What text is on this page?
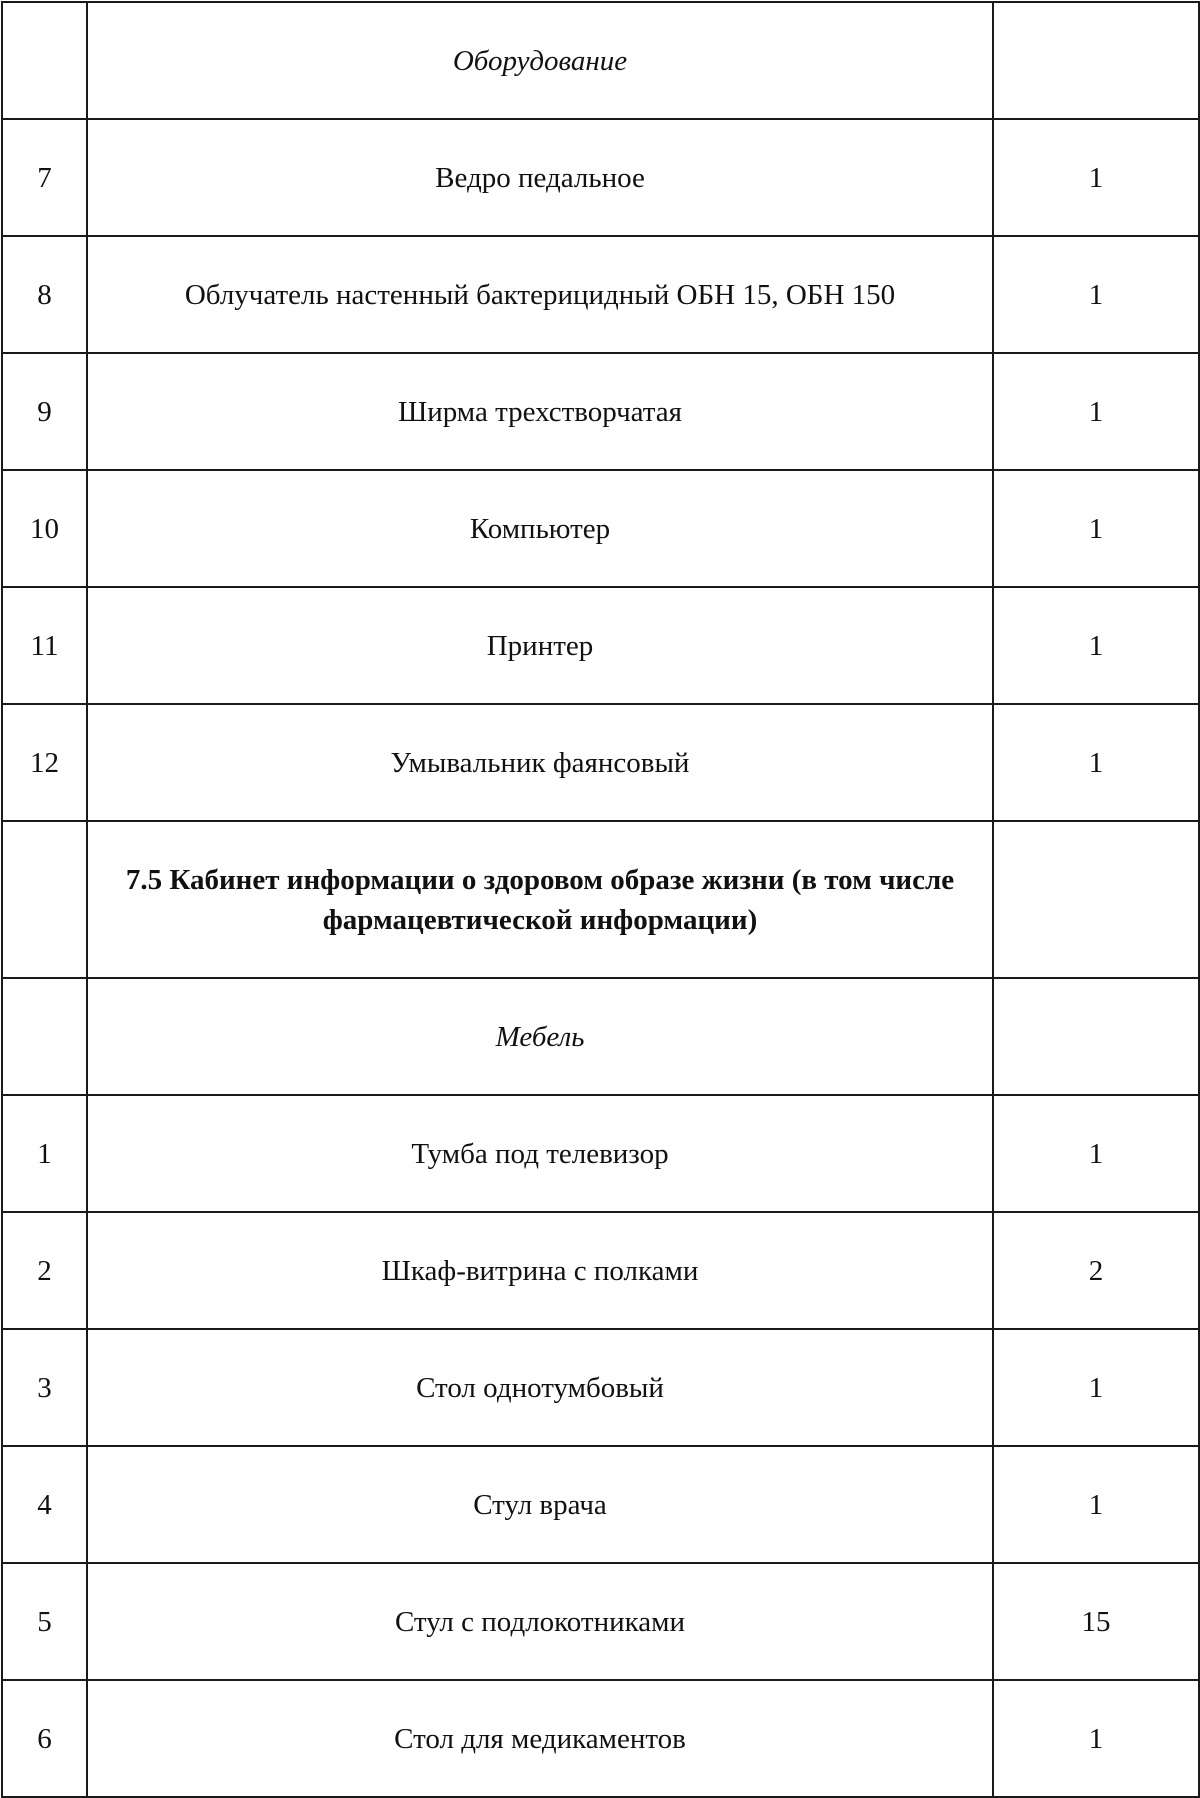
	Оборудование	
7	Ведро педальное	1
8	Облучатель настенный бактерицидный ОБН 15, ОБН 150	1
9	Ширма трехстворчатая	1
10	Компьютер	1
11	Принтер	1
12	Умывальник фаянсовый	1
	7.5 Кабинет информации о здоровом образе жизни (в том числе фармацевтической информации)	
	Мебель	
1	Тумба под телевизор	1
2	Шкаф-витрина с полками	2
3	Стол однотумбовый	1
4	Стул врача	1
5	Стул с подлокотниками	15
6	Стол для медикаментов	1
